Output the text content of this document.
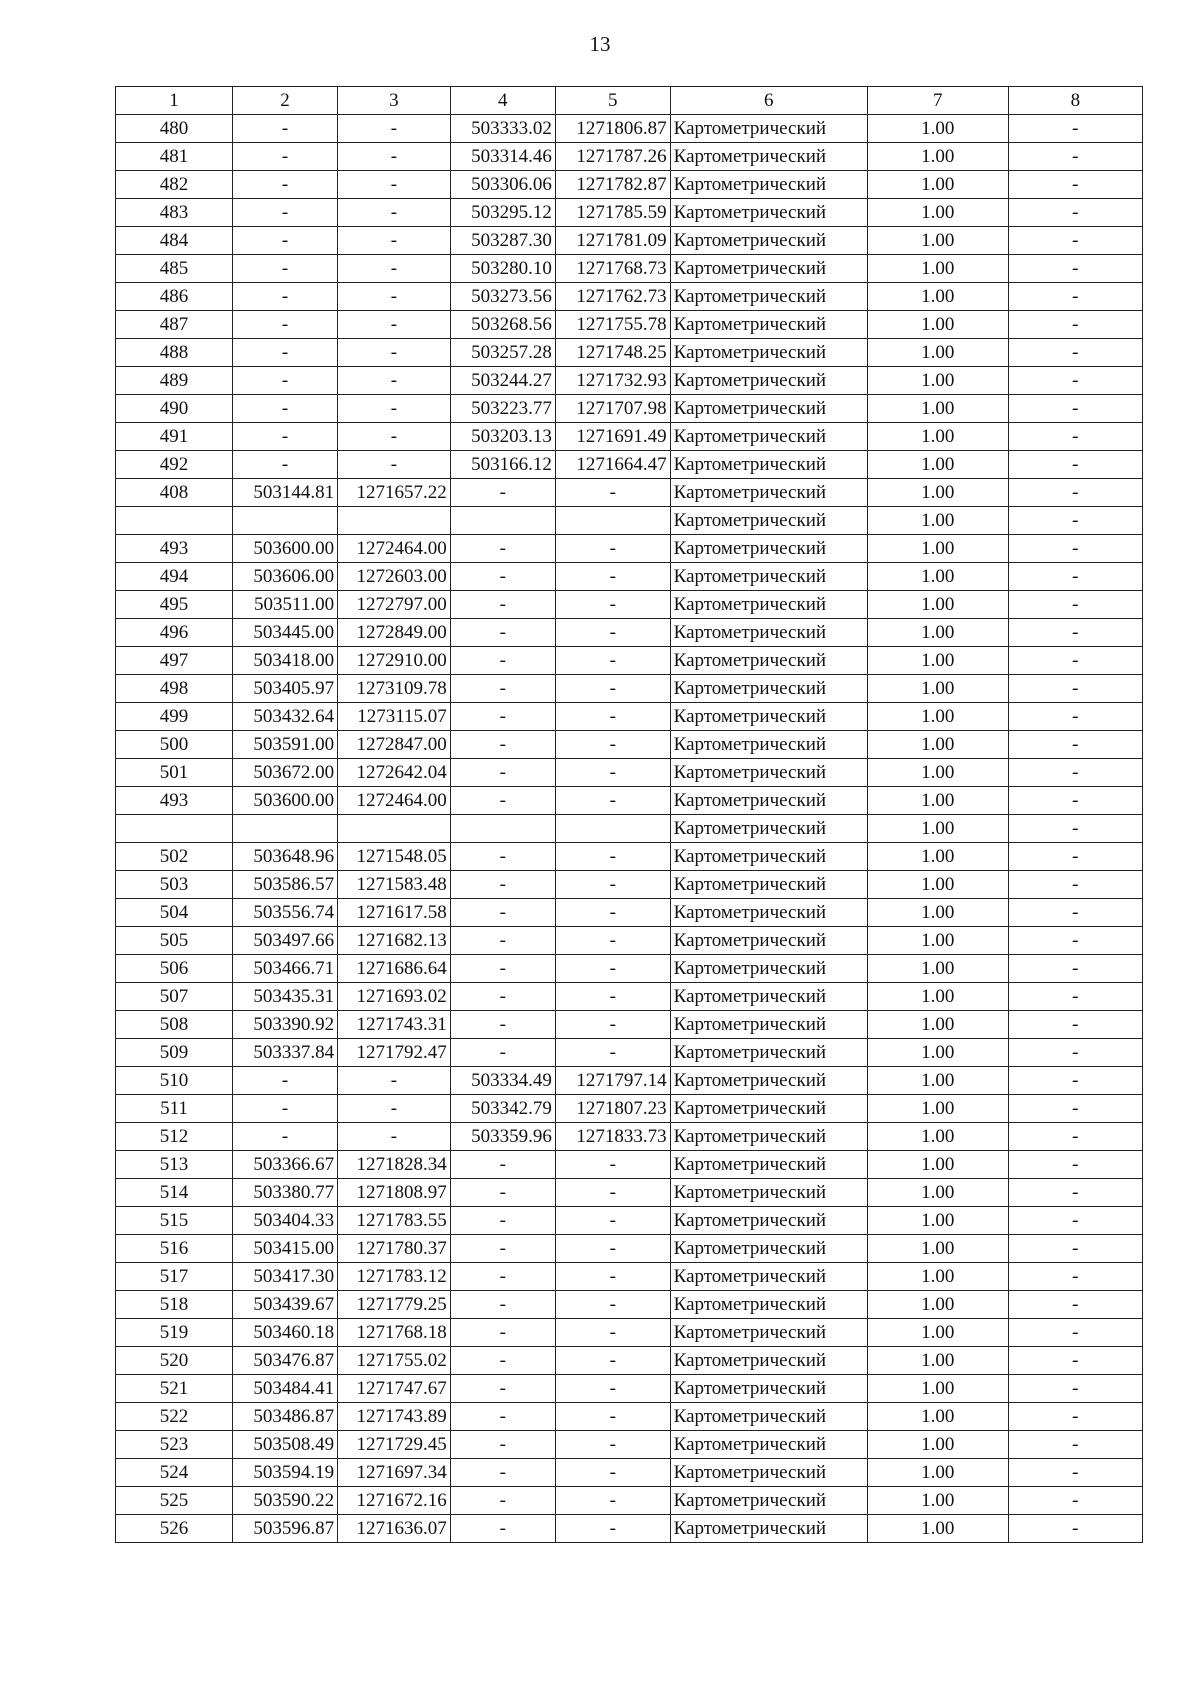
13
1	2	3	4	5	6	7	8
480	-	-	503333.02	1271806.87	Картометрический	1.00	-
481	-	-	503314.46	1271787.26	Картометрический	1.00	-
482	-	-	503306.06	1271782.87	Картометрический	1.00	-
483	-	-	503295.12	1271785.59	Картометрический	1.00	-
484	-	-	503287.30	1271781.09	Картометрический	1.00	-
485	-	-	503280.10	1271768.73	Картометрический	1.00	-
486	-	-	503273.56	1271762.73	Картометрический	1.00	-
487	-	-	503268.56	1271755.78	Картометрический	1.00	-
488	-	-	503257.28	1271748.25	Картометрический	1.00	-
489	-	-	503244.27	1271732.93	Картометрический	1.00	-
490	-	-	503223.77	1271707.98	Картометрический	1.00	-
491	-	-	503203.13	1271691.49	Картометрический	1.00	-
492	-	-	503166.12	1271664.47	Картометрический	1.00	-
408	503144.81	1271657.22	-	-	Картометрический	1.00	-
					Картометрический	1.00	-
493	503600.00	1272464.00	-	-	Картометрический	1.00	-
494	503606.00	1272603.00	-	-	Картометрический	1.00	-
495	503511.00	1272797.00	-	-	Картометрический	1.00	-
496	503445.00	1272849.00	-	-	Картометрический	1.00	-
497	503418.00	1272910.00	-	-	Картометрический	1.00	-
498	503405.97	1273109.78	-	-	Картометрический	1.00	-
499	503432.64	1273115.07	-	-	Картометрический	1.00	-
500	503591.00	1272847.00	-	-	Картометрический	1.00	-
501	503672.00	1272642.04	-	-	Картометрический	1.00	-
493	503600.00	1272464.00	-	-	Картометрический	1.00	-
					Картометрический	1.00	-
502	503648.96	1271548.05	-	-	Картометрический	1.00	-
503	503586.57	1271583.48	-	-	Картометрический	1.00	-
504	503556.74	1271617.58	-	-	Картометрический	1.00	-
505	503497.66	1271682.13	-	-	Картометрический	1.00	-
506	503466.71	1271686.64	-	-	Картометрический	1.00	-
507	503435.31	1271693.02	-	-	Картометрический	1.00	-
508	503390.92	1271743.31	-	-	Картометрический	1.00	-
509	503337.84	1271792.47	-	-	Картометрический	1.00	-
510	-	-	503334.49	1271797.14	Картометрический	1.00	-
511	-	-	503342.79	1271807.23	Картометрический	1.00	-
512	-	-	503359.96	1271833.73	Картометрический	1.00	-
513	503366.67	1271828.34	-	-	Картометрический	1.00	-
514	503380.77	1271808.97	-	-	Картометрический	1.00	-
515	503404.33	1271783.55	-	-	Картометрический	1.00	-
516	503415.00	1271780.37	-	-	Картометрический	1.00	-
517	503417.30	1271783.12	-	-	Картометрический	1.00	-
518	503439.67	1271779.25	-	-	Картометрический	1.00	-
519	503460.18	1271768.18	-	-	Картометрический	1.00	-
520	503476.87	1271755.02	-	-	Картометрический	1.00	-
521	503484.41	1271747.67	-	-	Картометрический	1.00	-
522	503486.87	1271743.89	-	-	Картометрический	1.00	-
523	503508.49	1271729.45	-	-	Картометрический	1.00	-
524	503594.19	1271697.34	-	-	Картометрический	1.00	-
525	503590.22	1271672.16	-	-	Картометрический	1.00	-
526	503596.87	1271636.07	-	-	Картометрический	1.00	-
